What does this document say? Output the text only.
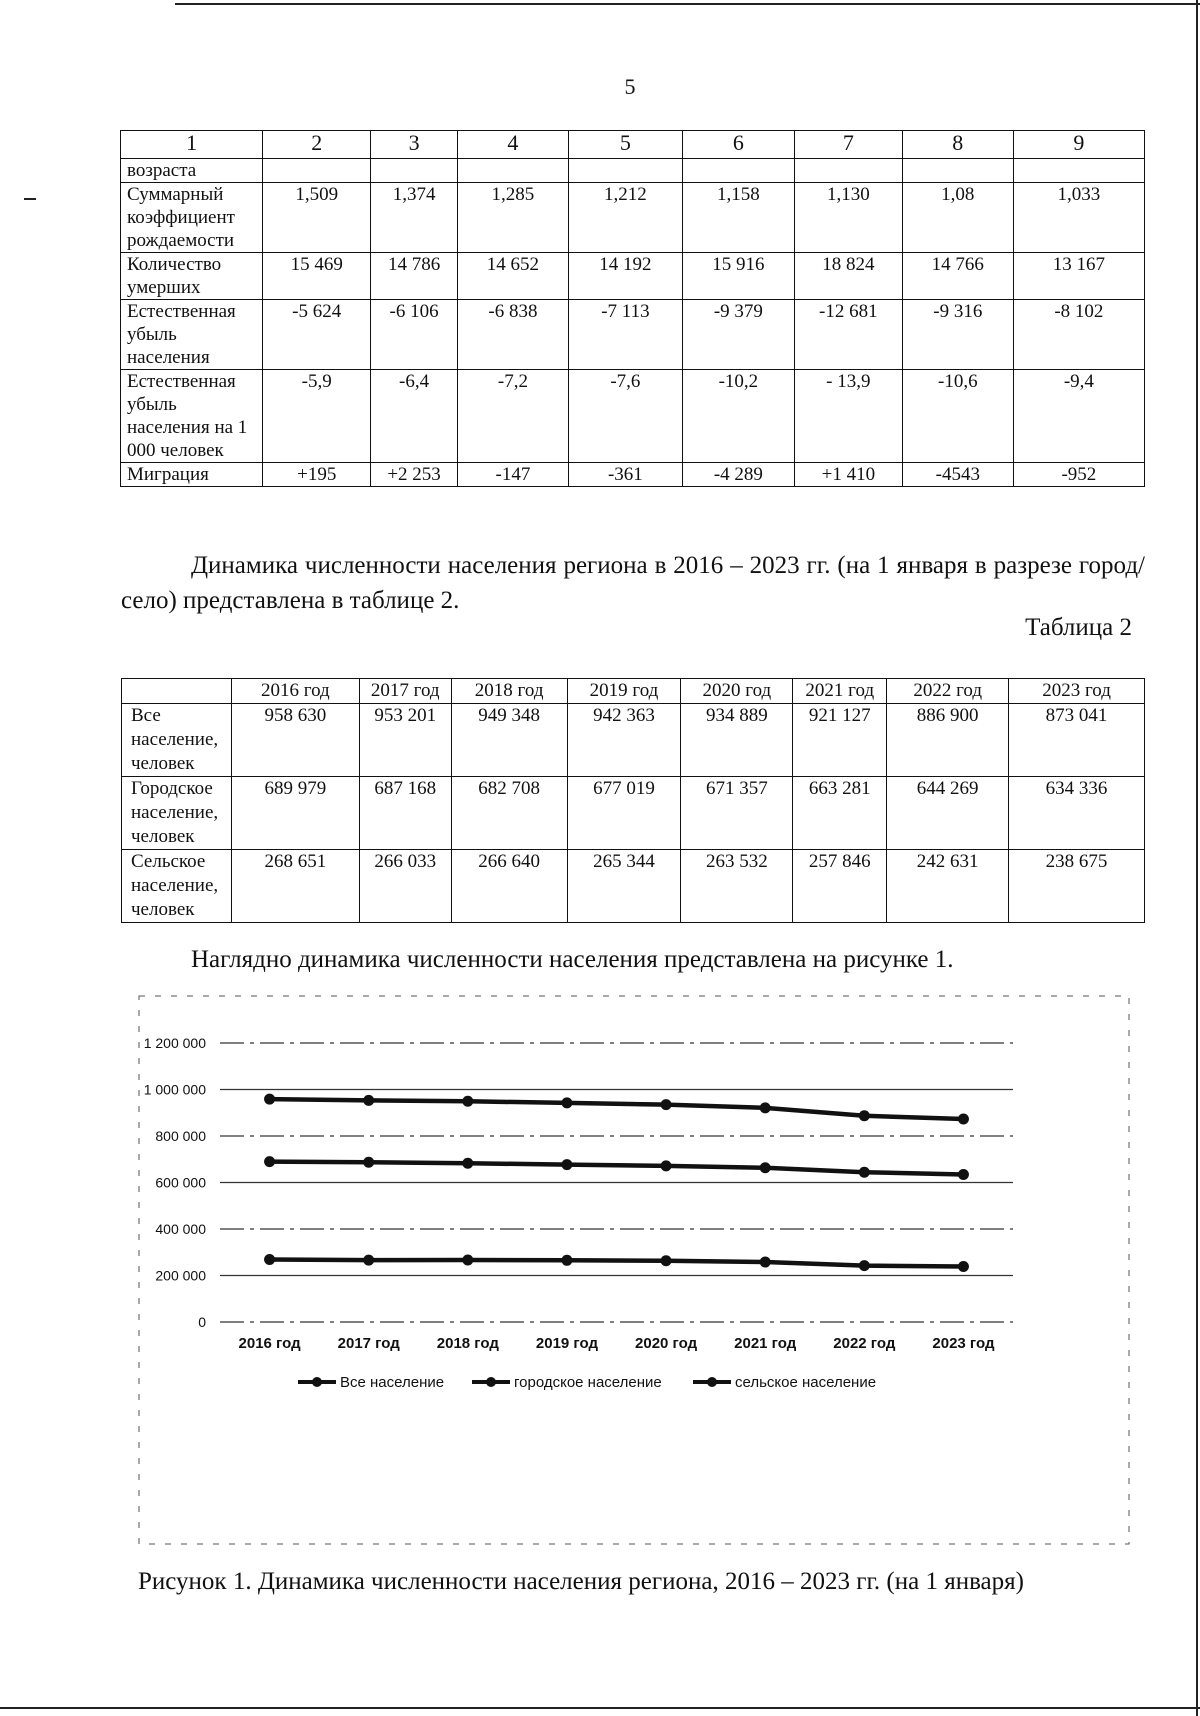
5
1	2	3	4	5	6	7	8	9
возраста								
Суммарный коэффициент рождаемости	1,509	1,374	1,285	1,212	1,158	1,130	1,08	1,033
Количество умерших	15 469	14 786	14 652	14 192	15 916	18 824	14 766	13 167
Естественная убыль населения	-5 624	-6 106	-6 838	-7 113	-9 379	-12 681	-9 316	-8 102
Естественная убыль населения на 1 000 человек	-5,9	-6,4	-7,2	-7,6	-10,2	- 13,9	-10,6	-9,4
Миграция	+195	+2 253	-147	-361	-4 289	+1 410	-4543	-952
Динамика численности населения региона в 2016 – 2023 гг. (на 1 января в разрезе город/село) представлена в таблице 2.
Таблица 2
	2016 год	2017 год	2018 год	2019 год	2020 год	2021 год	2022 год	2023 год
Все население, человек	958 630	953 201	949 348	942 363	934 889	921 127	886 900	873 041
Городское население, человек	689 979	687 168	682 708	677 019	671 357	663 281	644 269	634 336
Сельское население, человек	268 651	266 033	266 640	265 344	263 532	257 846	242 631	238 675
Наглядно динамика численности населения представлена на рисунке 1.
0
200 000
400 000
600 000
800 000
1 000 000
1 200 000
2016 год 2017 год 2018 год 2019 год 2020 год 2021 год 2022 год 2023 год
Все население	городское население	сельское население
Рисунок 1. Динамика численности населения региона, 2016 – 2023 гг. (на 1 января)
